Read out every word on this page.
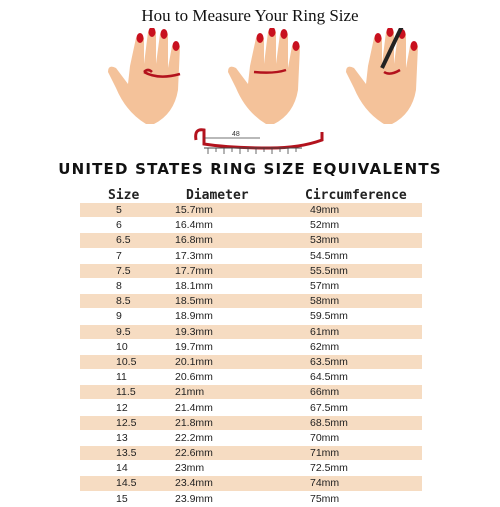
Hou to Measure Your Ring Size
48
UNITED STATES RING SIZE EQUIVALENTS
Size	Diameter	Circumference
5	15.7mm	49mm
6	16.4mm	52mm
6.5	16.8mm	53mm
7	17.3mm	54.5mm
7.5	17.7mm	55.5mm
8	18.1mm	57mm
8.5	18.5mm	58mm
9	18.9mm	59.5mm
9.5	19.3mm	61mm
10	19.7mm	62mm
10.5	20.1mm	63.5mm
11	20.6mm	64.5mm
11.5	21mm	66mm
12	21.4mm	67.5mm
12.5	21.8mm	68.5mm
13	22.2mm	70mm
13.5	22.6mm	71mm
14	23mm	72.5mm
14.5	23.4mm	74mm
15	23.9mm	75mm
